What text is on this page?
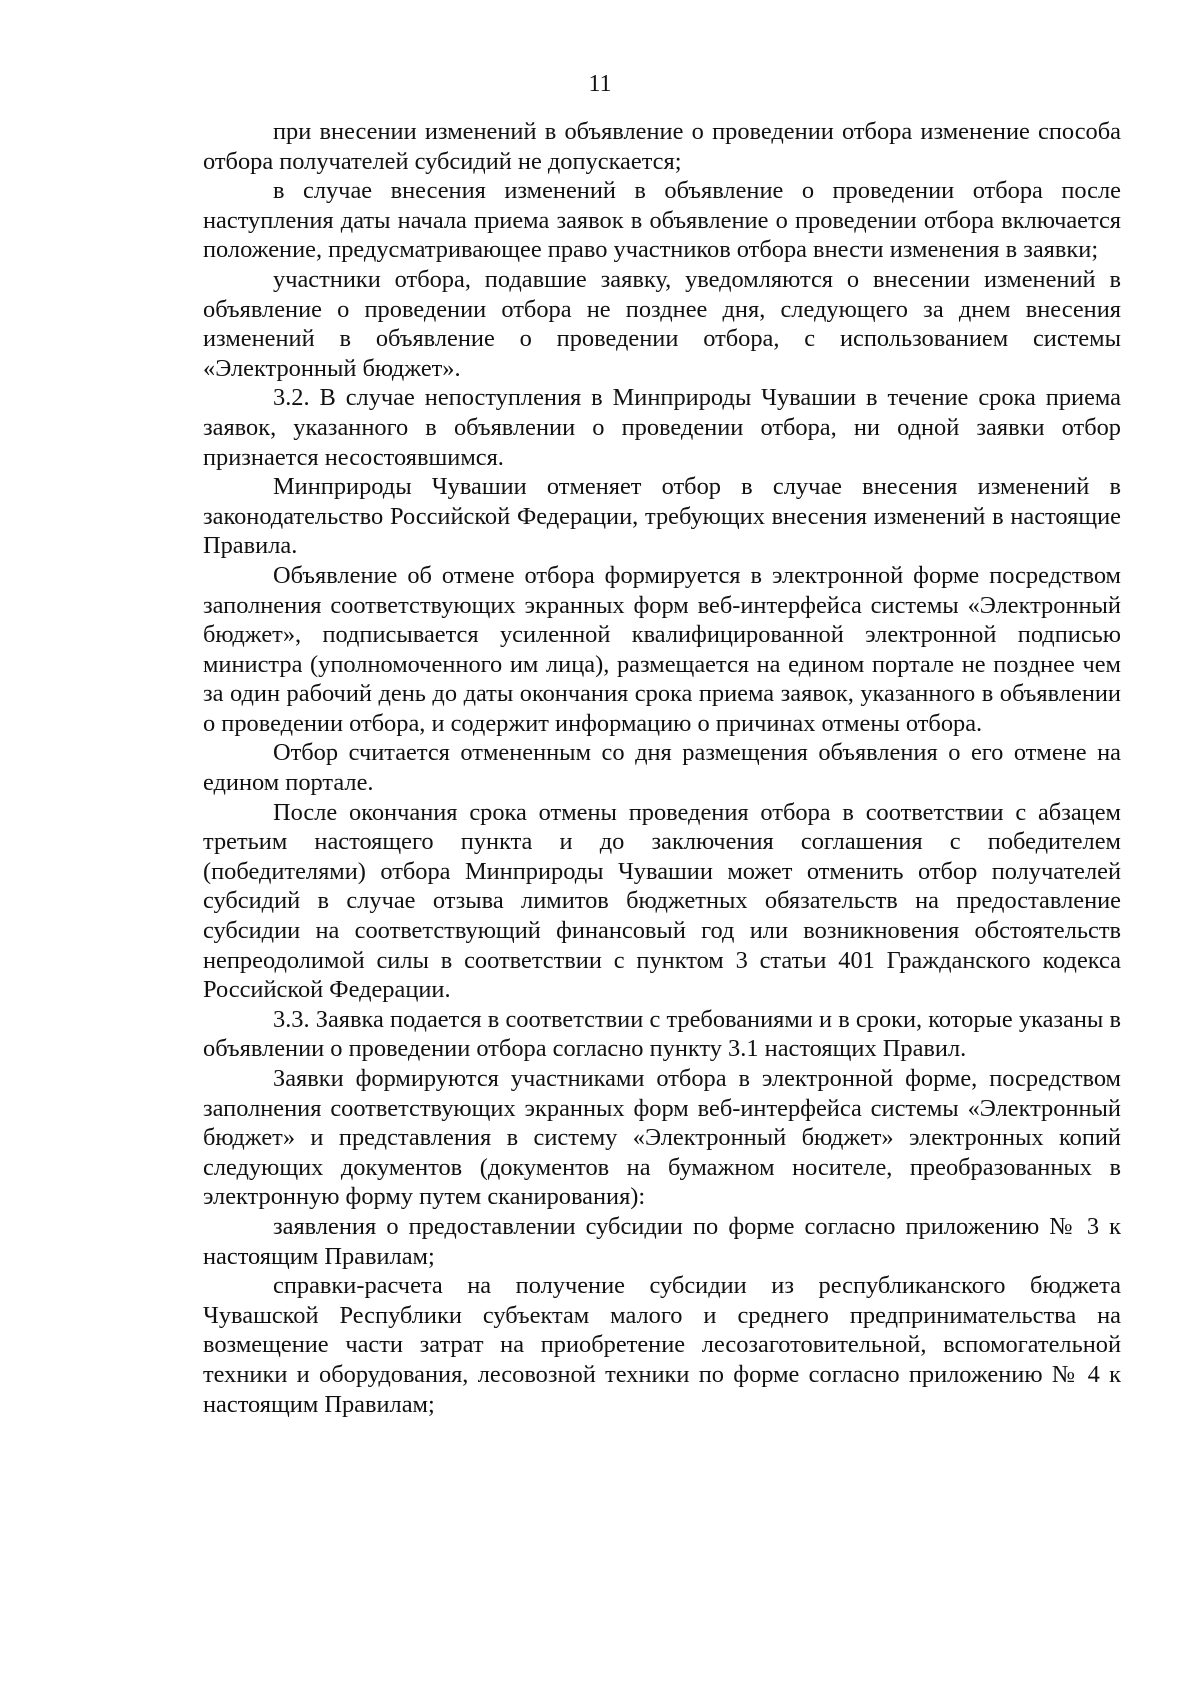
11

при внесении изменений в объявление о проведении отбора изменение способа отбора получателей субсидий не допускается;

в случае внесения изменений в объявление о проведении отбора после наступления даты начала приема заявок в объявление о проведении отбора включается положение, предусматривающее право участников отбора внести изменения в заявки;

участники отбора, подавшие заявку, уведомляются о внесении изменений в объявление о проведении отбора не позднее дня, следующего за днем внесения изменений в объявление о проведении отбора, с использованием системы «Электронный бюджет».

3.2. В случае непоступления в Минприроды Чувашии в течение срока приема заявок, указанного в объявлении о проведении отбора, ни одной заявки отбор признается несостоявшимся.

Минприроды Чувашии отменяет отбор в случае внесения изменений в законодательство Российской Федерации, требующих внесения изменений в настоящие Правила.

Объявление об отмене отбора формируется в электронной форме посредством заполнения соответствующих экранных форм веб-интерфейса системы «Электронный бюджет», подписывается усиленной квалифицированной электронной подписью министра (уполномоченного им лица), размещается на едином портале не позднее чем за один рабочий день до даты окончания срока приема заявок, указанного в объявлении о проведении отбора, и содержит информацию о причинах отмены отбора.

Отбор считается отмененным со дня размещения объявления о его отмене на едином портале.

После окончания срока отмены проведения отбора в соответствии с абзацем третьим настоящего пункта и до заключения соглашения с победителем (победителями) отбора Минприроды Чувашии может отменить отбор получателей субсидий в случае отзыва лимитов бюджетных обязательств на предоставление субсидии на соответствующий финансовый год или возникновения обстоятельств непреодолимой силы в соответствии с пунктом 3 статьи 401 Гражданского кодекса Российской Федерации.

3.3. Заявка подается в соответствии с требованиями и в сроки, которые указаны в объявлении о проведении отбора согласно пункту 3.1 настоящих Правил.

Заявки формируются участниками отбора в электронной форме, посредством заполнения соответствующих экранных форм веб-интерфейса системы «Электронный бюджет» и представления в систему «Электронный бюджет» электронных копий следующих документов (документов на бумажном носителе, преобразованных в электронную форму путем сканирования):

заявления о предоставлении субсидии по форме согласно приложению № 3 к настоящим Правилам;

справки-расчета на получение субсидии из республиканского бюджета Чувашской Республики субъектам малого и среднего предпринимательства на возмещение части затрат на приобретение лесозаготовительной, вспомогательной техники и оборудования, лесовозной техники по форме согласно приложению № 4 к настоящим Правилам;
